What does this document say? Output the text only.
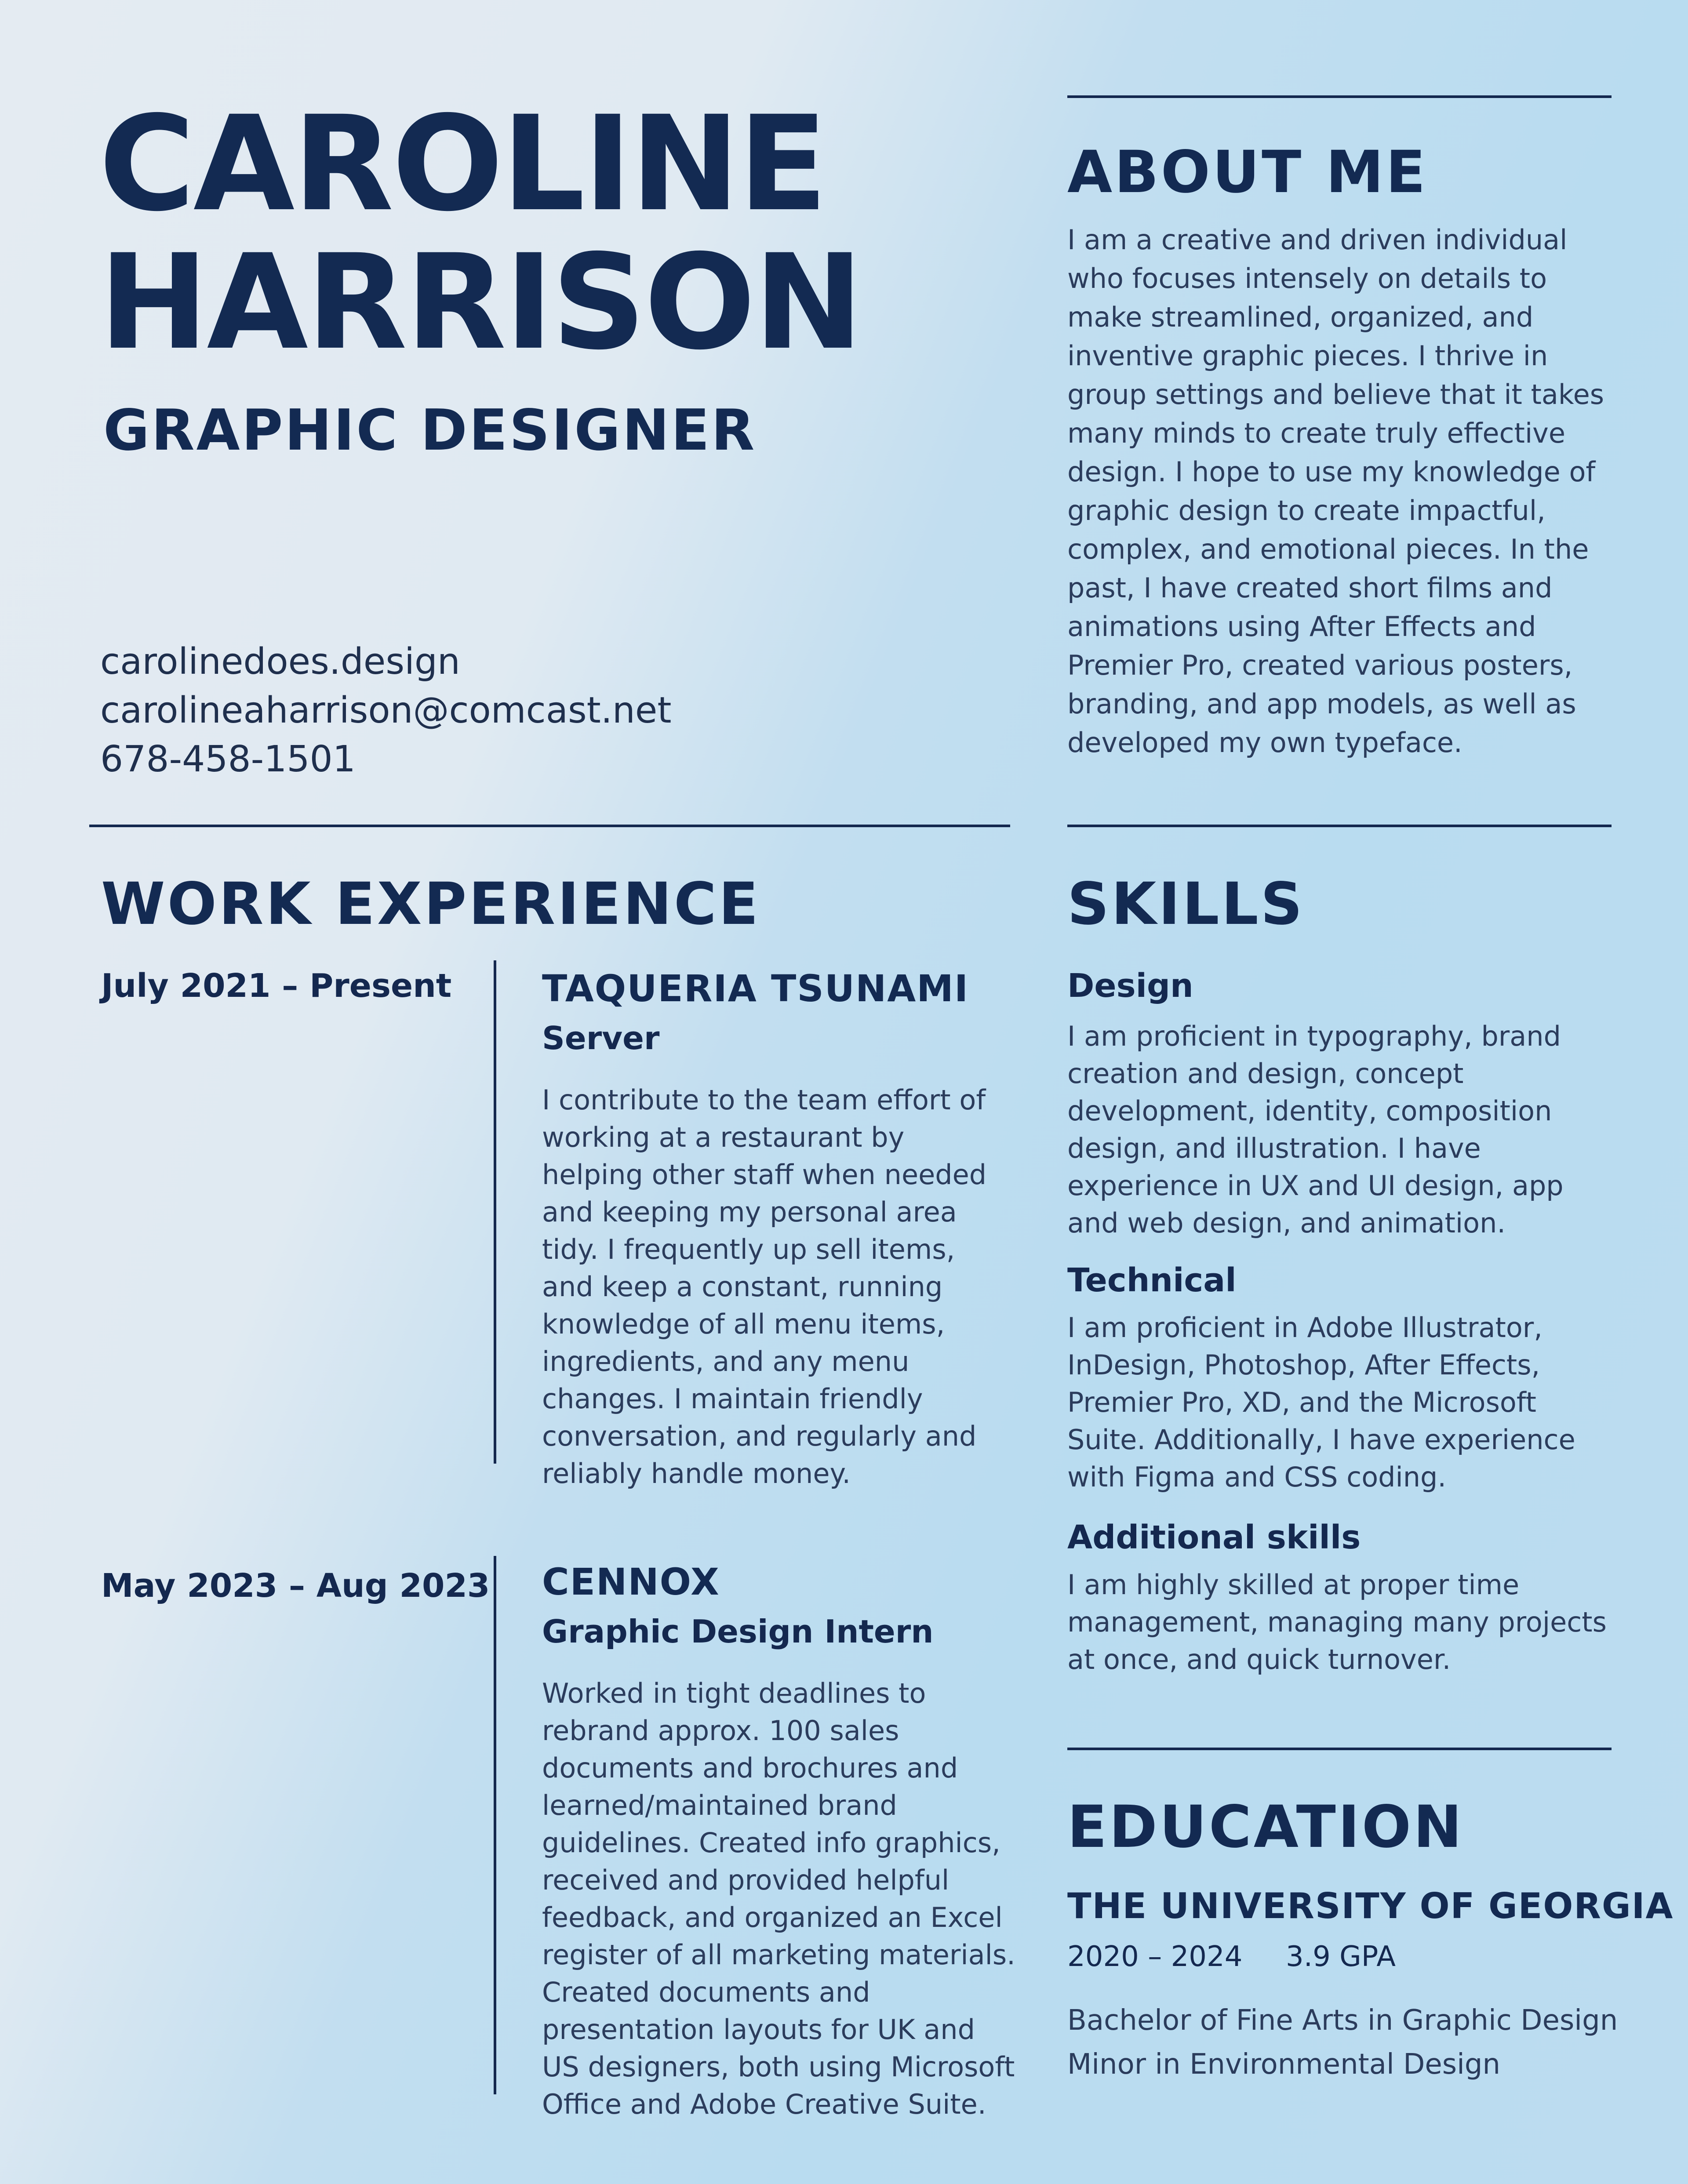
CAROLINE
HARRISON
GRAPHIC DESIGNER
carolinedoes.design
carolineaharrison@comcast.net
678-458-1501
ABOUT ME

I am a creative and driven individual who focuses intensely on details to make streamlined, organized, and inventive graphic pieces. I thrive in group settings and believe that it takes many minds to create truly effective design. I hope to use my knowledge of graphic design to create impactful, complex, and emotional pieces. In the past, I have created short films and animations using After Effects and Premier Pro, created various posters, branding, and app models, as well as developed my own typeface.

WORK EXPERIENCE
July 2021 – Present TAQUERIA TSUNAMI
Server

I contribute to the team effort of working at a restaurant by helping other staff when needed and keeping my personal area tidy. I frequently up sell items, and keep a constant, running knowledge of all menu items, ingredients, and any menu changes. I maintain friendly conversation, and regularly and reliably handle money.

May 2023 – Aug 2023 CENNOX
Graphic Design Intern

Worked in tight deadlines to rebrand approx. 100 sales documents and brochures and learned/maintained brand guidelines. Created info graphics, received and provided helpful feedback, and organized an Excel register of all marketing materials. Created documents and presentation layouts for UK and US designers, both using Microsoft Office and Adobe Creative Suite.

SKILLS
Design

I am proficient in typography, brand creation and design, concept development, identity, composition design, and illustration. I have experience in UX and UI design, app and web design, and animation.

Technical

I am proficient in Adobe Illustrator, InDesign, Photoshop, After Effects, Premier Pro, XD, and the Microsoft Suite. Additionally, I have experience with Figma and CSS coding.

Additional skills

I am highly skilled at proper time management, managing many projects at once, and quick turnover.

EDUCATION
THE UNIVERSITY OF GEORGIA
2020 – 2024 3.9 GPA
Bachelor of Fine Arts in Graphic Design
Minor in Environmental Design
